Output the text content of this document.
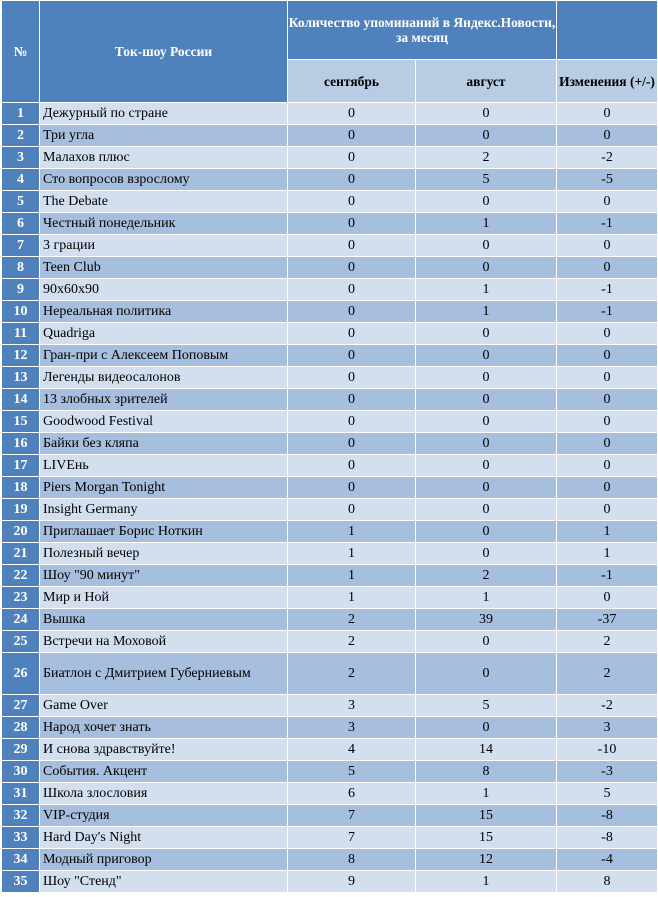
№	Ток-шоу России	Количество упоминаний в Яндекс.Новости, за месяц		
		сентябрь	август	Изменения (+/-)
1	Дежурный по стране	0	0	0
2	Три угла	0	0	0
3	Малахов плюс	0	2	-2
4	Сто вопросов взрослому	0	5	-5
5	The Debate	0	0	0
6	Честный понедельник	0	1	-1
7	3 грации	0	0	0
8	Teen Club	0	0	0
9	90x60x90	0	1	-1
10	Нереальная политика	0	1	-1
11	Quadriga	0	0	0
12	Гран-при с Алексеем Поповым	0	0	0
13	Легенды видеосалонов	0	0	0
14	13 злобных зрителей	0	0	0
15	Goodwood Festival	0	0	0
16	Байки без кляпа	0	0	0
17	LIVEнь	0	0	0
18	Piers Morgan Tonight	0	0	0
19	Insight Germany	0	0	0
20	Приглашает Борис Ноткин	1	0	1
21	Полезный вечер	1	0	1
22	Шоу "90 минут"	1	2	-1
23	Мир и Ной	1	1	0
24	Вышка	2	39	-37
25	Встречи на Моховой	2	0	2
26	Биатлон с Дмитрием Губерниевым	2	0	2
27	Game Over	3	5	-2
28	Народ хочет знать	3	0	3
29	И снова здравствуйте!	4	14	-10
30	События. Акцент	5	8	-3
31	Школа злословия	6	1	5
32	VIP-студия	7	15	-8
33	Hard Day's Night	7	15	-8
34	Модный приговор	8	12	-4
35	Шоу "Стенд"	9	1	8
